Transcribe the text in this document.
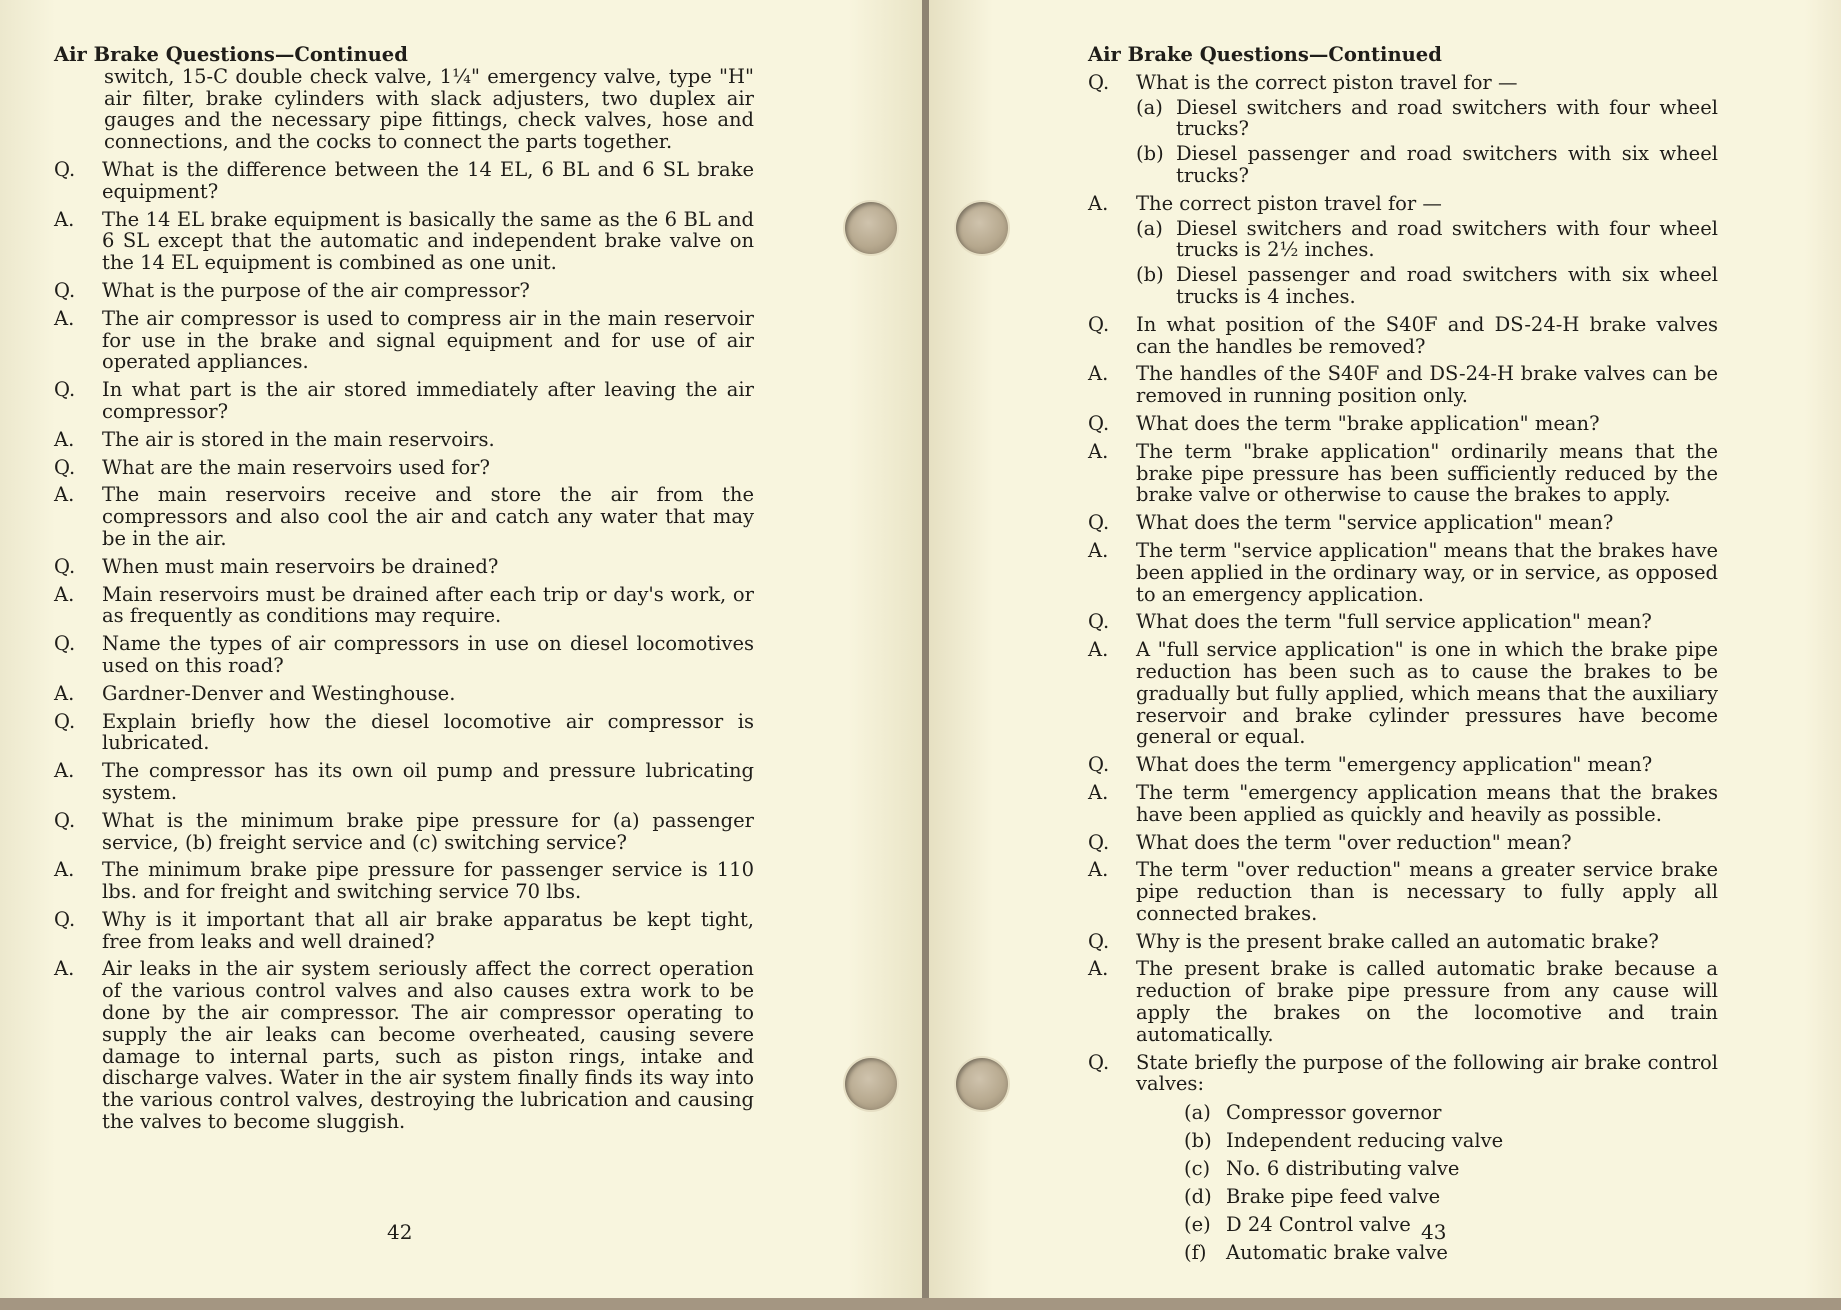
Air Brake Questions—Continued
switch, 15-C double check valve, 1¼" emergency valve, type "H" air filter, brake cylinders with slack adjusters, two duplex air gauges and the necessary pipe fittings, check valves, hose and connections, and the cocks to connect the parts together.
Q.	What is the difference between the 14 EL, 6 BL and 6 SL brake equipment?
A.	The 14 EL brake equipment is basically the same as the 6 BL and 6 SL except that the automatic and independent brake valve on the 14 EL equipment is combined as one unit.
Q.	What is the purpose of the air compressor?
A.	The air compressor is used to compress air in the main reservoir for use in the brake and signal equipment and for use of air operated appliances.
Q.	In what part is the air stored immediately after leaving the air compressor?
A.	The air is stored in the main reservoirs.
Q.	What are the main reservoirs used for?
A.	The main reservoirs receive and store the air from the compressors and also cool the air and catch any water that may be in the air.
Q.	When must main reservoirs be drained?
A.	Main reservoirs must be drained after each trip or day's work, or as frequently as conditions may require.
Q.	Name the types of air compressors in use on diesel locomotives used on this road?
A.	Gardner-Denver and Westinghouse.
Q.	Explain briefly how the diesel locomotive air compressor is lubricated.
A.	The compressor has its own oil pump and pressure lubricating system.
Q.	What is the minimum brake pipe pressure for (a) passenger service, (b) freight service and (c) switching service?
A.	The minimum brake pipe pressure for passenger service is 110 lbs. and for freight and switching service 70 lbs.
Q.	Why is it important that all air brake apparatus be kept tight, free from leaks and well drained?
A.	Air leaks in the air system seriously affect the correct operation of the various control valves and also causes extra work to be done by the air compressor. The air compressor operating to supply the air leaks can become overheated, causing severe damage to internal parts, such as piston rings, intake and discharge valves. Water in the air system finally finds its way into the various control valves, destroying the lubrication and causing the valves to become sluggish.
42
Air Brake Questions—Continued
Q.	What is the correct piston travel for —
(a) Diesel switchers and road switchers with four wheel trucks?
(b) Diesel passenger and road switchers with six wheel trucks?
A.	The correct piston travel for —
(a) Diesel switchers and road switchers with four wheel trucks is 2½ inches.
(b) Diesel passenger and road switchers with six wheel trucks is 4 inches.
Q.	In what position of the S40F and DS-24-H brake valves can the handles be removed?
A.	The handles of the S40F and DS-24-H brake valves can be removed in running position only.
Q.	What does the term "brake application" mean?
A.	The term "brake application" ordinarily means that the brake pipe pressure has been sufficiently reduced by the brake valve or otherwise to cause the brakes to apply.
Q.	What does the term "service application" mean?
A.	The term "service application" means that the brakes have been applied in the ordinary way, or in service, as opposed to an emergency application.
Q.	What does the term "full service application" mean?
A.	A "full service application" is one in which the brake pipe reduction has been such as to cause the brakes to be gradually but fully applied, which means that the auxiliary reservoir and brake cylinder pressures have become general or equal.
Q.	What does the term "emergency application" mean?
A.	The term "emergency application means that the brakes have been applied as quickly and heavily as possible.
Q.	What does the term "over reduction" mean?
A.	The term "over reduction" means a greater service brake pipe reduction than is necessary to fully apply all connected brakes.
Q.	Why is the present brake called an automatic brake?
A.	The present brake is called automatic brake because a reduction of brake pipe pressure from any cause will apply the brakes on the locomotive and train automatically.
Q.	State briefly the purpose of the following air brake control valves:
(a) Compressor governor
(b) Independent reducing valve
(c) No. 6 distributing valve
(d) Brake pipe feed valve
(e) D 24 Control valve
(f)	Automatic brake valve
43
